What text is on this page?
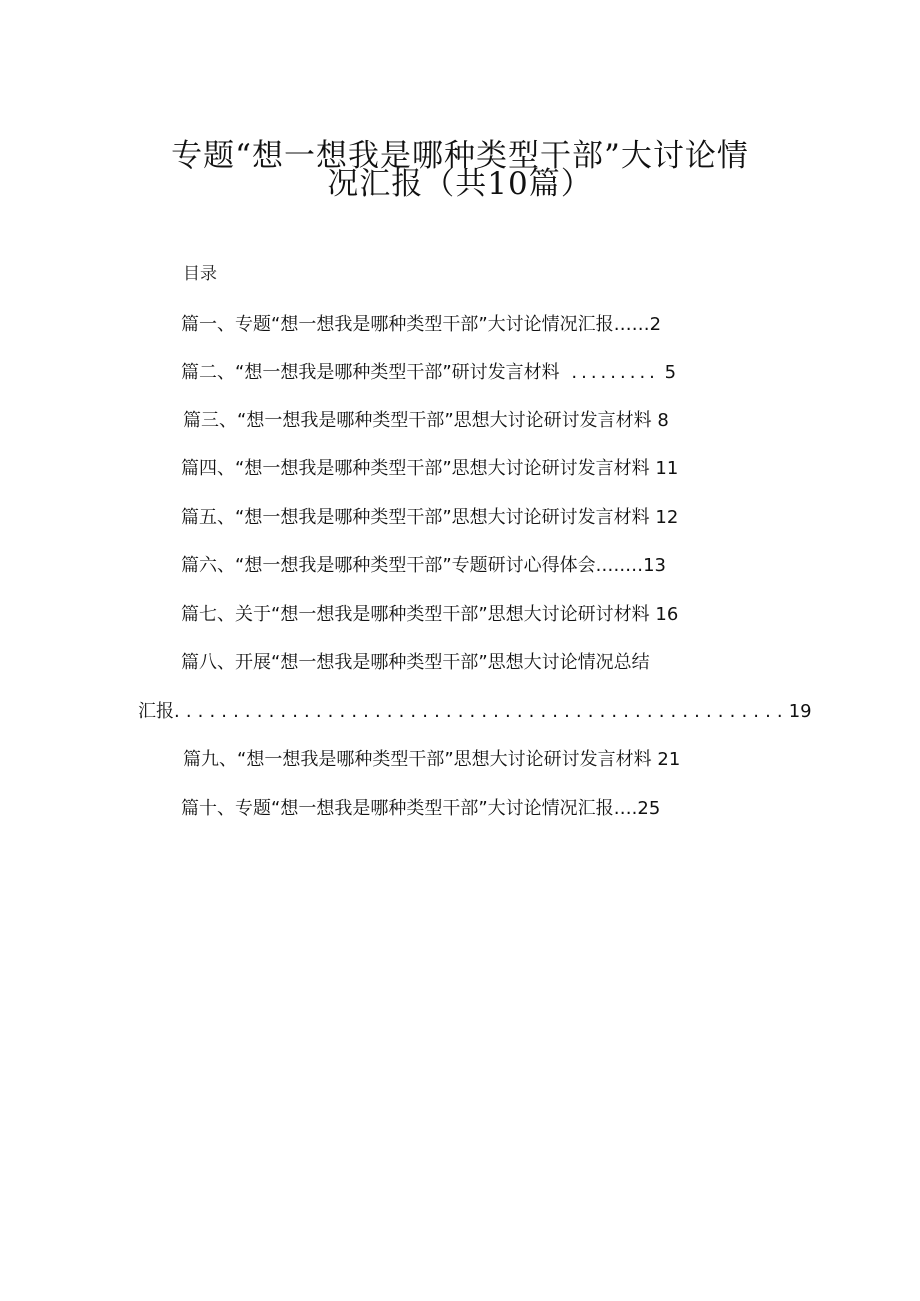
专题“想一想我是哪种类型干部”大讨论情
况汇报（共10篇）
目录
篇一、专题“想一想我是哪种类型干部”大讨论情况汇报……2
篇二、“想一想我是哪种类型干部”研讨发言材料 ......... 5
篇三、“想一想我是哪种类型干部”思想大讨论研讨发言材料 8
篇四、“想一想我是哪种类型干部”思想大讨论研讨发言材料 11
篇五、“想一想我是哪种类型干部”思想大讨论研讨发言材料 12
篇六、“想一想我是哪种类型干部”专题研讨心得体会.….…13
篇七、关于“想一想我是哪种类型干部”思想大讨论研讨材料 16
篇八、开展“想一想我是哪种类型干部”思想大讨论情况总结
汇报....................................................19
篇九、“想一想我是哪种类型干部”思想大讨论研讨发言材料 21
篇十、专题“想一想我是哪种类型干部”大讨论情况汇报….25
